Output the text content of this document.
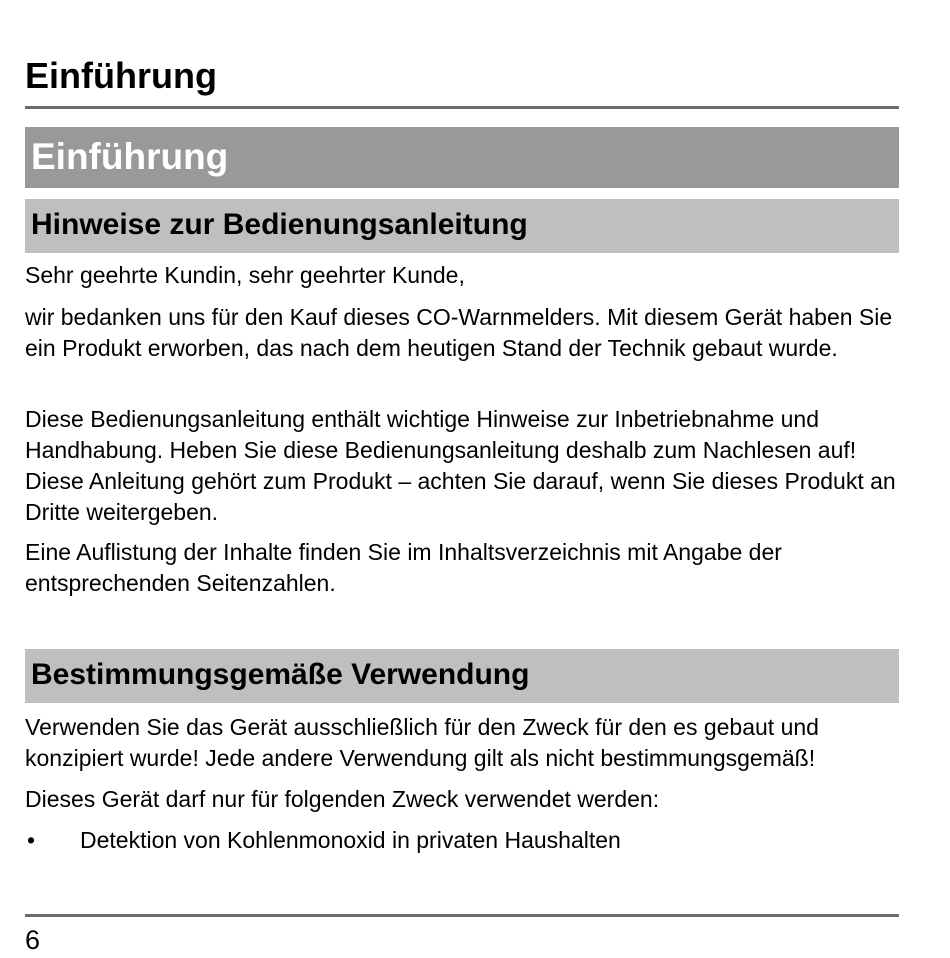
Einführung
Einführung
Hinweise zur Bedienungsanleitung

Sehr geehrte Kundin, sehr geehrter Kunde,

wir bedanken uns für den Kauf dieses CO-Warnmelders. Mit diesem Gerät haben Sie ein Produkt erworben, das nach dem heutigen Stand der Technik gebaut wurde.

Diese Bedienungsanleitung enthält wichtige Hinweise zur Inbetriebnahme und Handhabung. Heben Sie diese Bedienungsanleitung deshalb zum Nachlesen auf! Diese Anleitung gehört zum Produkt – achten Sie darauf, wenn Sie dieses Produkt an Dritte weitergeben.

Eine Auflistung der Inhalte finden Sie im Inhaltsverzeichnis mit Angabe der entsprechenden Seitenzahlen.

Bestimmungsgemäße Verwendung

Verwenden Sie das Gerät ausschließlich für den Zweck für den es gebaut und konzipiert wurde! Jede andere Verwendung gilt als nicht bestimmungsgemäß!

Dieses Gerät darf nur für folgenden Zweck verwendet werden:

• Detektion von Kohlenmonoxid in privaten Haushalten
6
